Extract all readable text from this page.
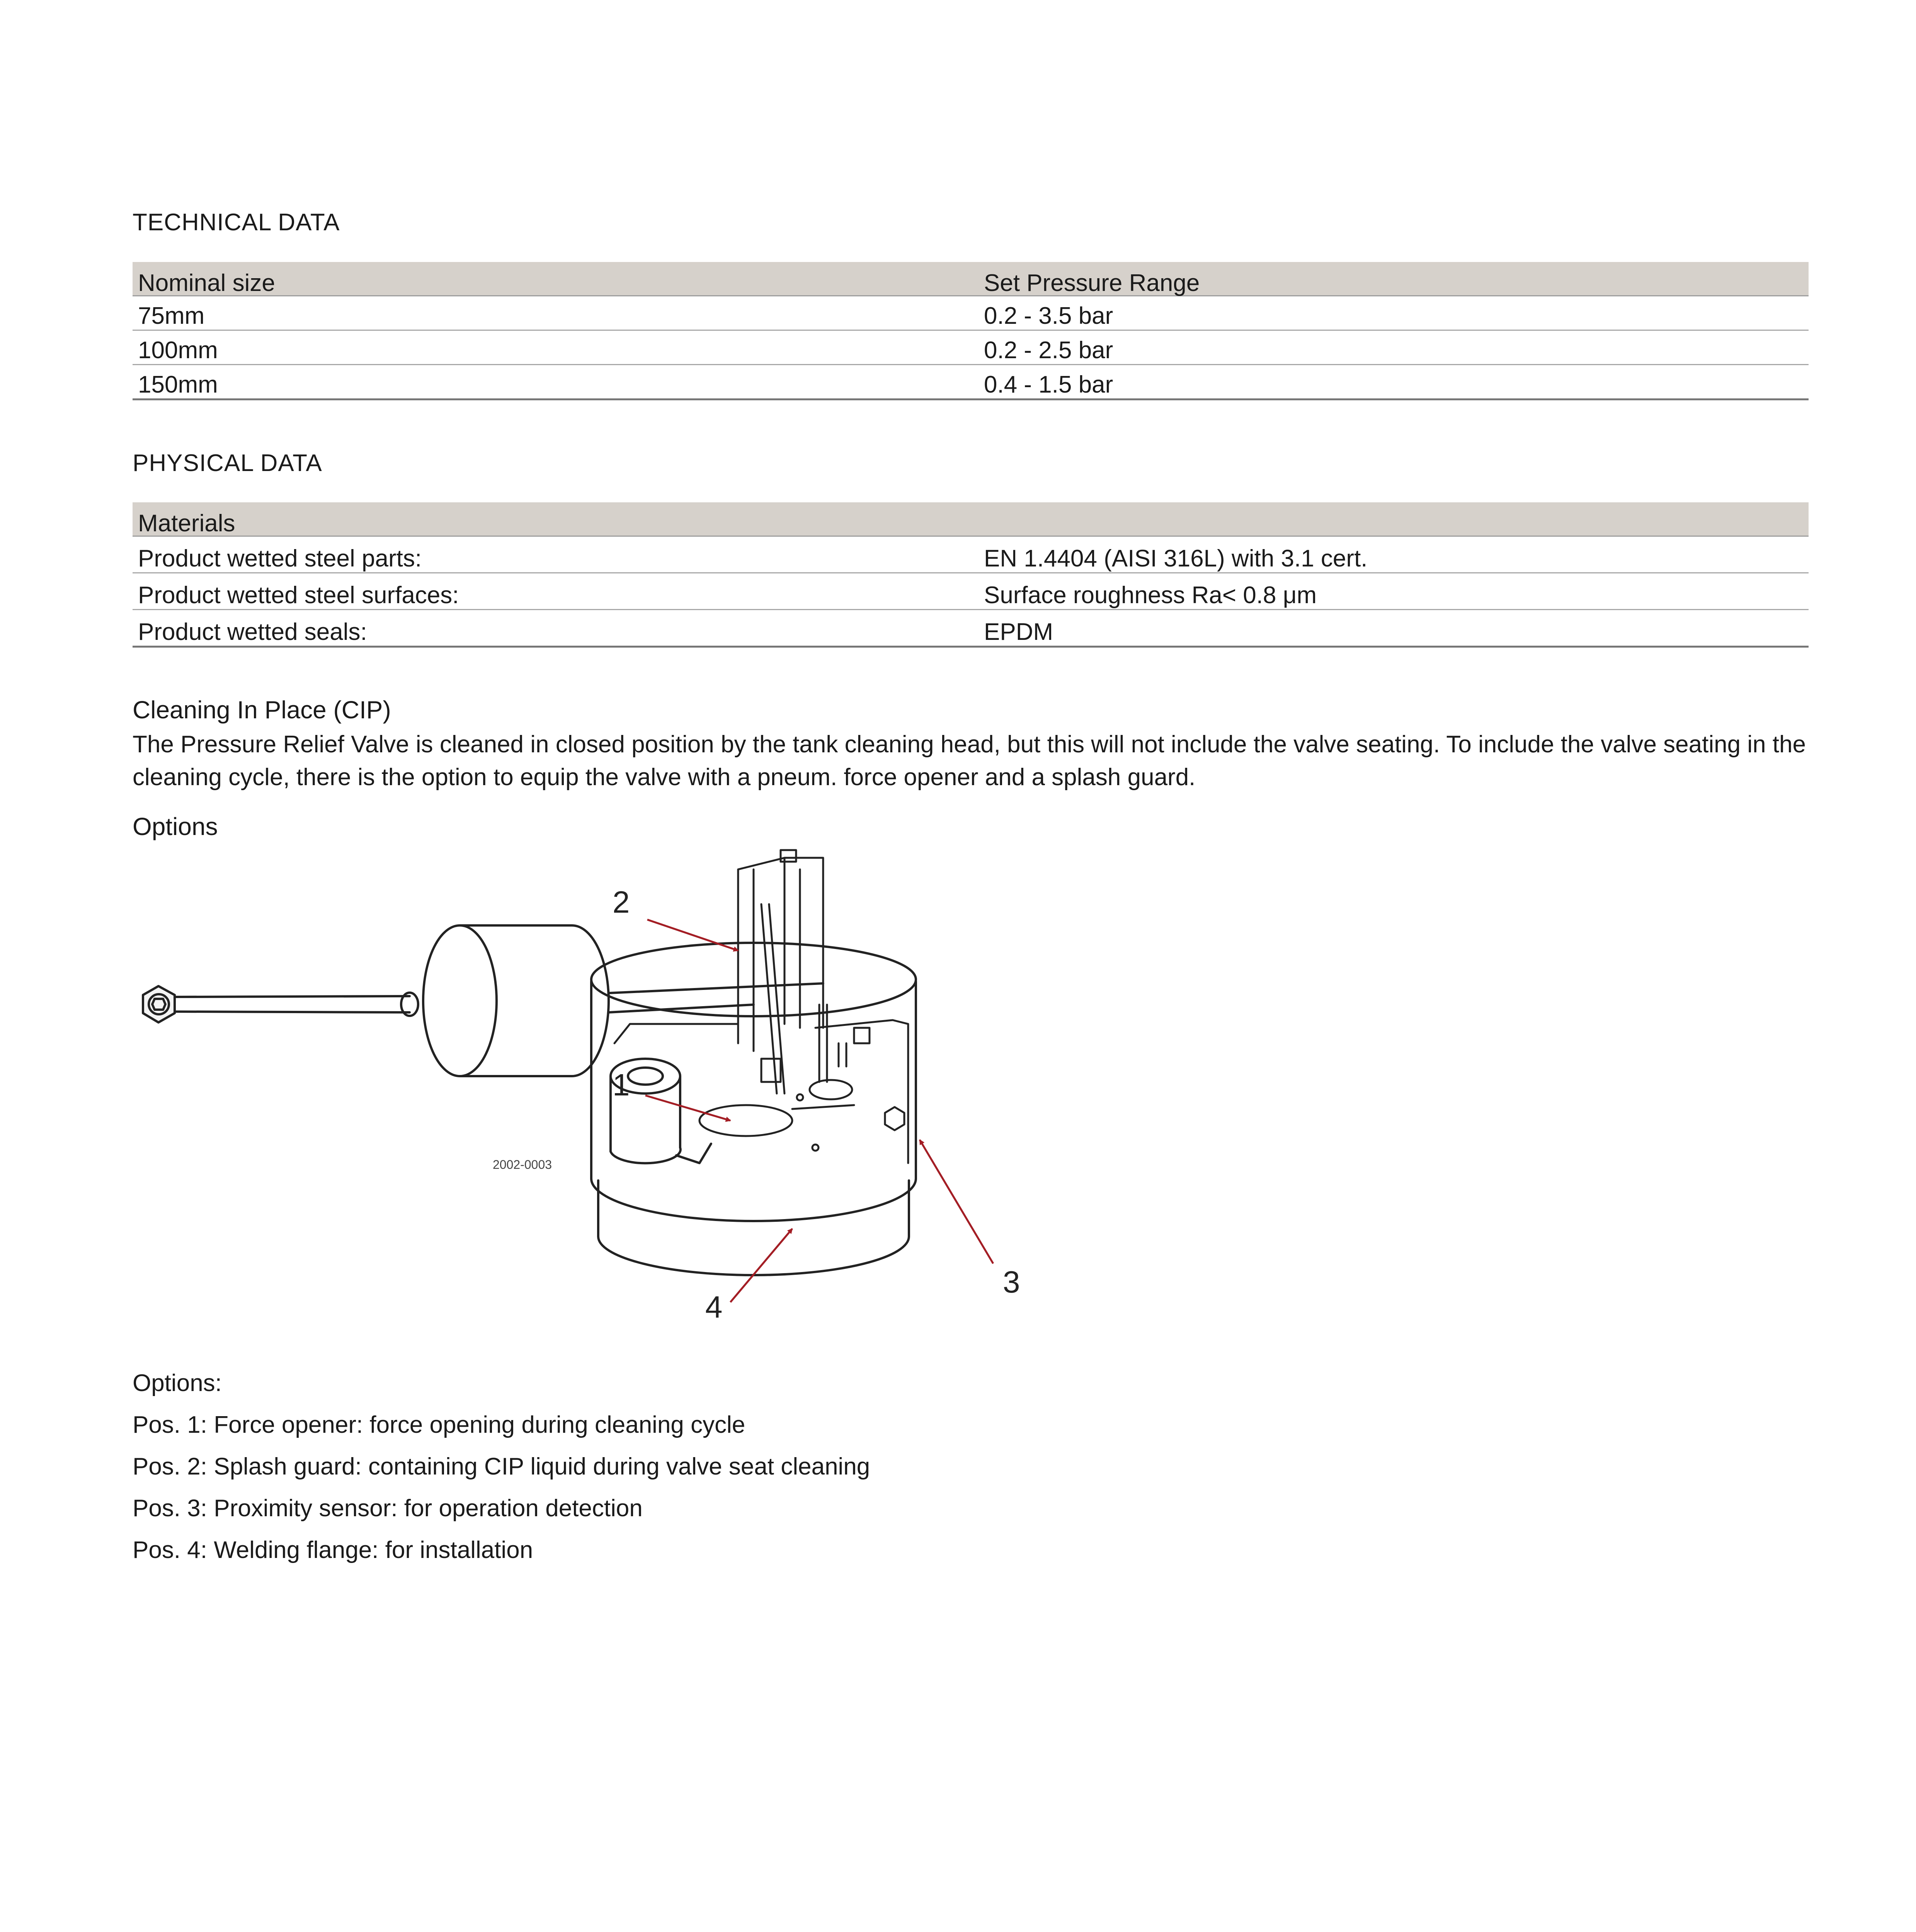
TECHNICAL DATA
Nominal size	Set Pressure Range
75mm	0.2 - 3.5 bar
100mm	0.2 - 2.5 bar
150mm	0.4 - 1.5 bar
PHYSICAL DATA
Materials	
Product wetted steel parts:	EN 1.4404 (AISI 316L) with 3.1 cert.
Product wetted steel surfaces:	Surface roughness Ra< 0.8 μm
Product wetted seals:	EPDM
Cleaning In Place (CIP)

The Pressure Relief Valve is cleaned in closed position by the tank cleaning head, but this will not include the valve seating. To include the valve seating in the cleaning cycle, there is the option to equip the valve with a pneum. force opener and a splash guard.

Options
1
2
3
4
2002-0003
Options:
Pos. 1: Force opener: force opening during cleaning cycle
Pos. 2: Splash guard: containing CIP liquid during valve seat cleaning
Pos. 3: Proximity sensor: for operation detection
Pos. 4: Welding flange: for installation
